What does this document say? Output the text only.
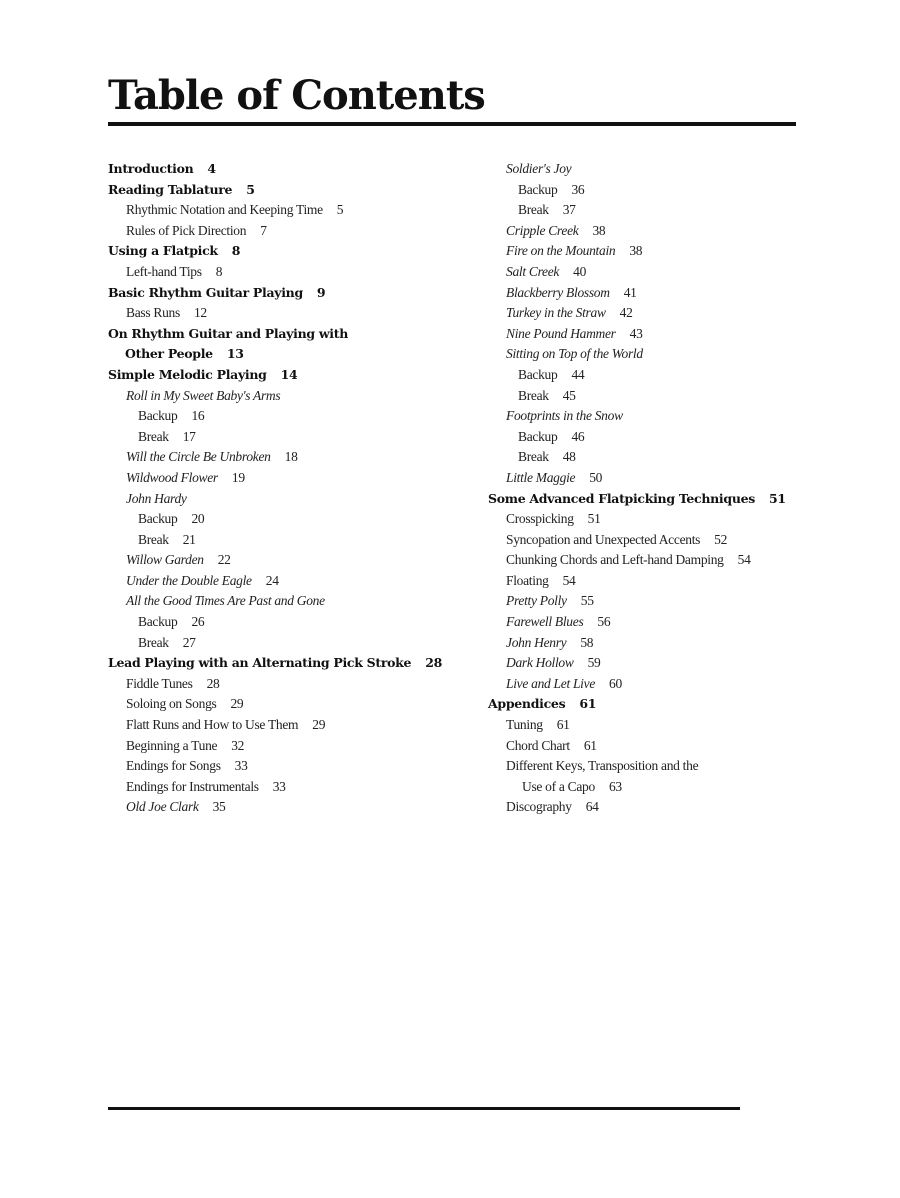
Table of Contents
Introduction 4
Reading Tablature 5
Rhythmic Notation and Keeping Time 5
Rules of Pick Direction 7
Using a Flatpick 8
Left-hand Tips 8
Basic Rhythm Guitar Playing 9
Bass Runs 12
On Rhythm Guitar and Playing with
Other People 13
Simple Melodic Playing 14
Roll in My Sweet Baby's Arms
Backup 16
Break 17
Will the Circle Be Unbroken 18
Wildwood Flower 19
John Hardy
Backup 20
Break 21
Willow Garden 22
Under the Double Eagle 24
All the Good Times Are Past and Gone
Backup 26
Break 27
Lead Playing with an Alternating Pick Stroke 28
Fiddle Tunes 28
Soloing on Songs 29
Flatt Runs and How to Use Them 29
Beginning a Tune 32
Endings for Songs 33
Endings for Instrumentals 33
Old Joe Clark 35
Soldier's Joy
Backup 36
Break 37
Cripple Creek 38
Fire on the Mountain 38
Salt Creek 40
Blackberry Blossom 41
Turkey in the Straw 42
Nine Pound Hammer 43
Sitting on Top of the World
Backup 44
Break 45
Footprints in the Snow
Backup 46
Break 48
Little Maggie 50
Some Advanced Flatpicking Techniques 51
Crosspicking 51
Syncopation and Unexpected Accents 52
Chunking Chords and Left-hand Damping 54
Floating 54
Pretty Polly 55
Farewell Blues 56
John Henry 58
Dark Hollow 59
Live and Let Live 60
Appendices 61
Tuning 61
Chord Chart 61
Different Keys, Transposition and the
Use of a Capo 63
Discography 64
